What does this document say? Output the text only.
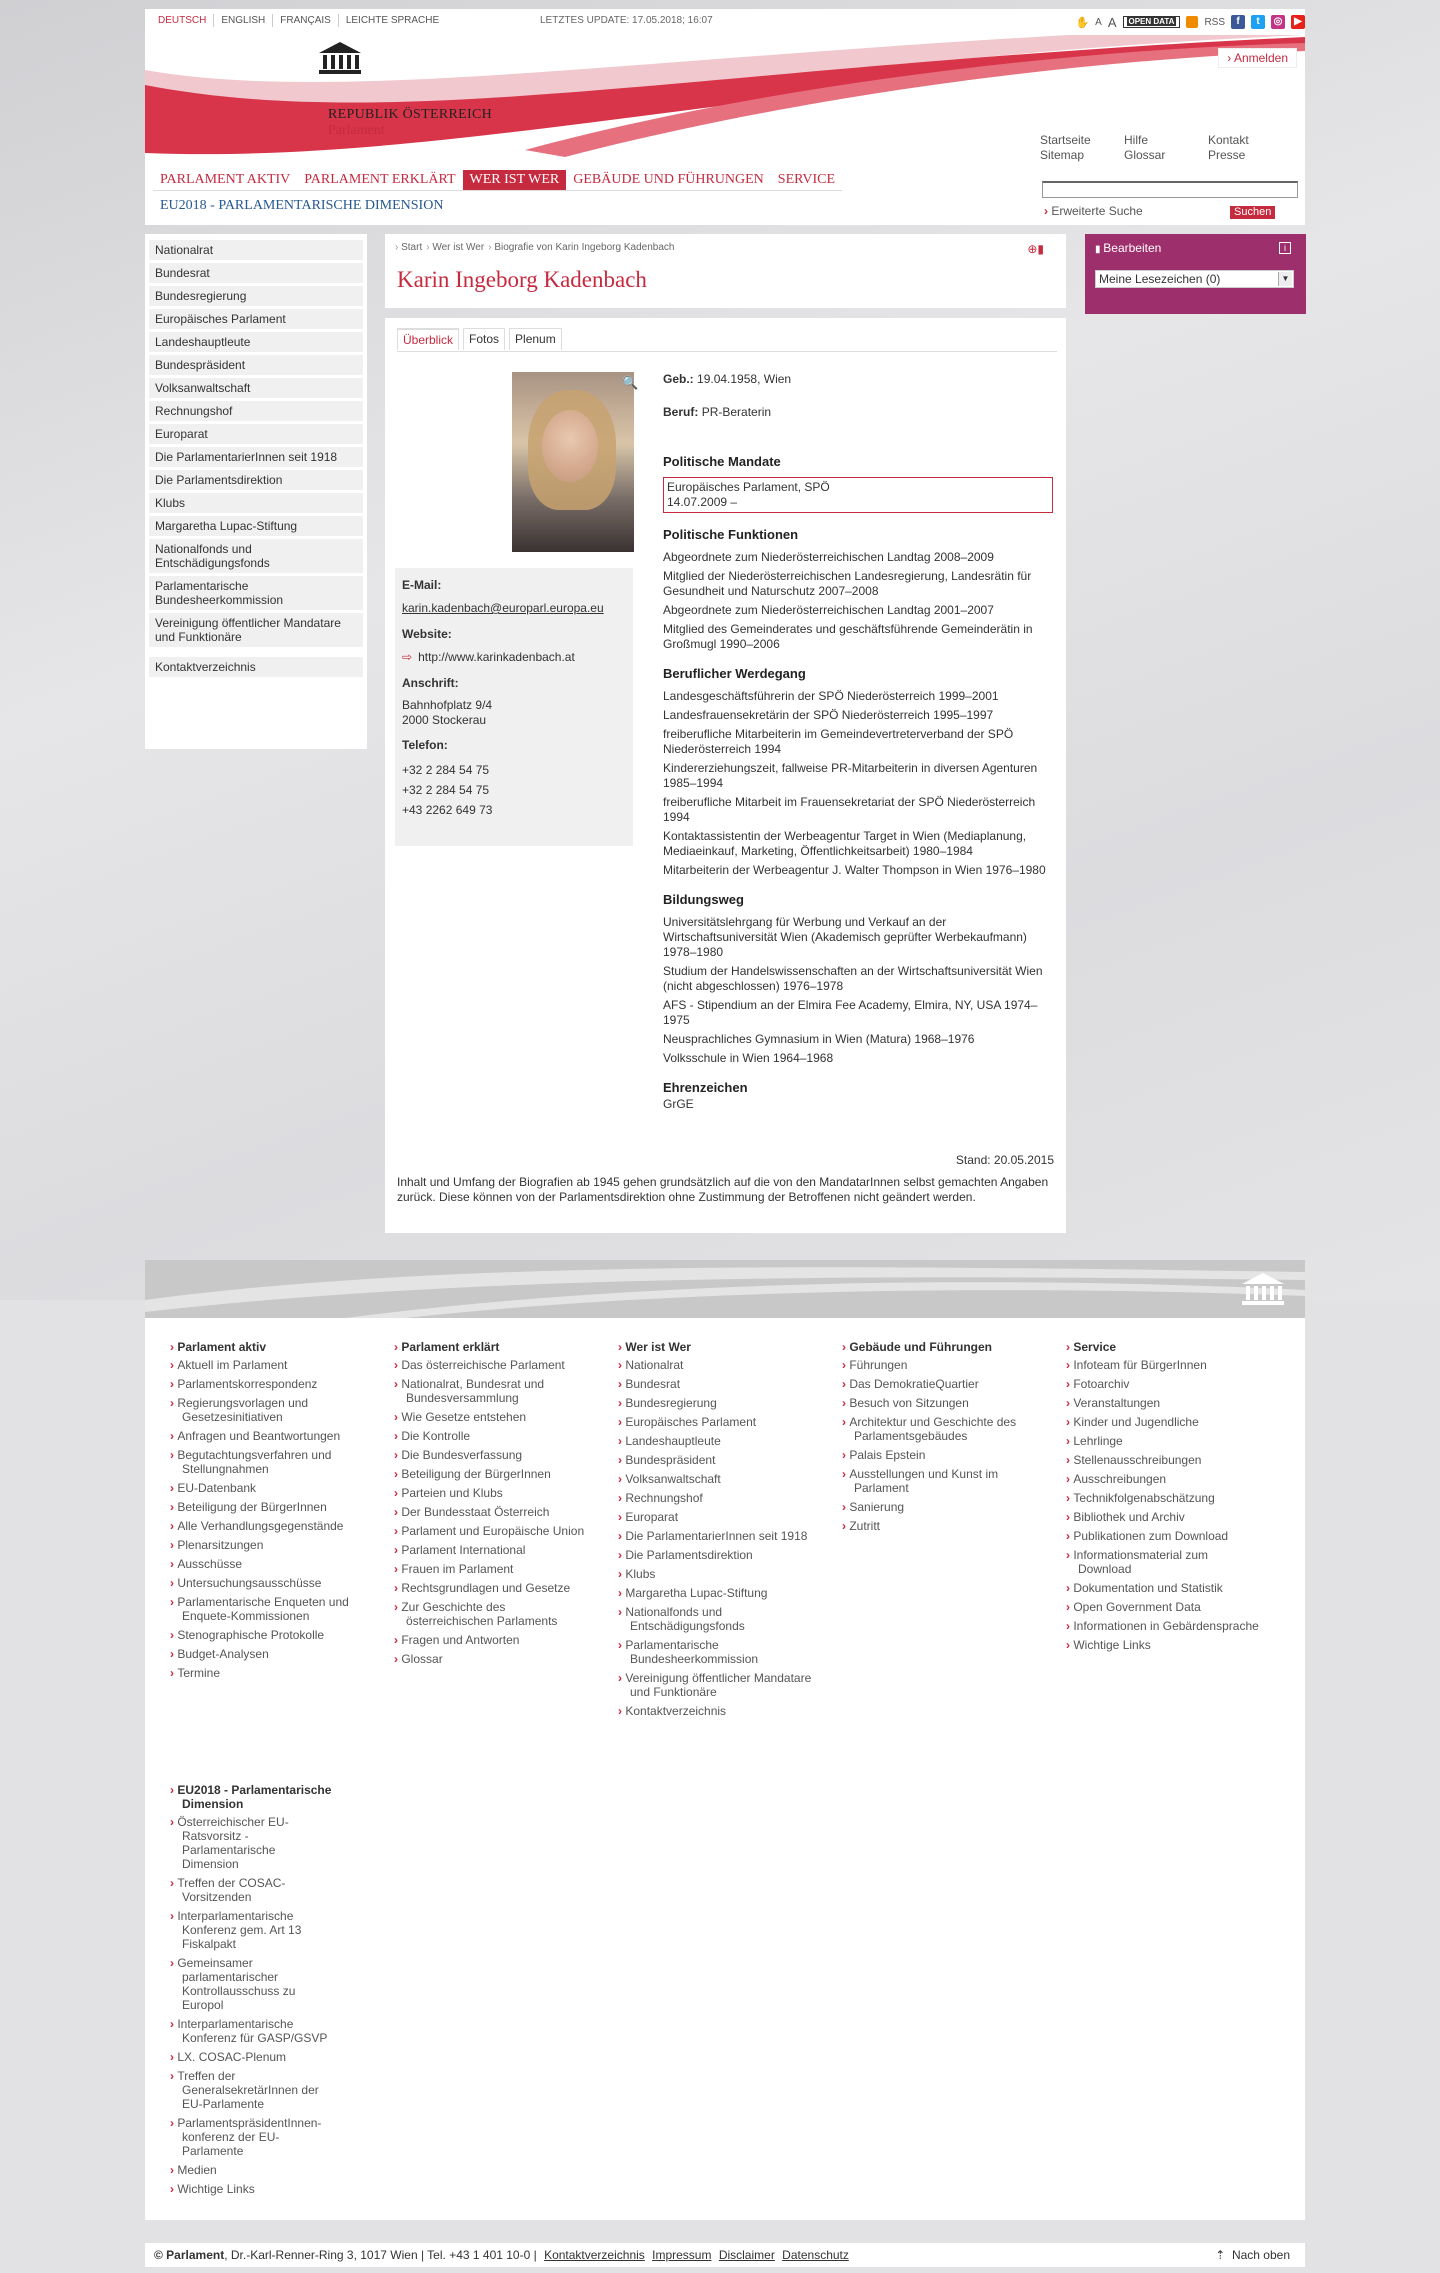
DEUTSCH	ENGLISH	FRANÇAIS	LEICHTE SPRACHE	LETZTES UPDATE: 17.05.2018; 16:07	✋ A A	OPEN DATA	RSS	f	t	◎	▶
REPUBLIK ÖSTERREICH
Parlament
› Anmelden
Startseite	Hilfe	Kontakt
Sitemap	Glossar	Presse
PARLAMENT AKTIV	PARLAMENT ERKLÄRT	WER IST WER	GEBÄUDE UND FÜHRUNGEN	SERVICE
EU2018 - PARLAMENTARISCHE DIMENSION	› Erweiterte Suche	Suchen
Nationalrat
Bundesrat
Bundesregierung
Europäisches Parlament
Landeshauptleute
Bundespräsident
Volksanwaltschaft
Rechnungshof
Europarat
Die ParlamentarierInnen seit 1918
Die Parlamentsdirektion
Klubs
Margaretha Lupac-Stiftung
Nationalfonds und Entschädigungsfonds
Parlamentarische Bundesheerkommission
Vereinigung öffentlicher Mandatare und Funktionäre
Kontaktverzeichnis
› Start	› Wer ist Wer	› Biografie von Karin Ingeborg Kadenbach	⊕▮
Karin Ingeborg Kadenbach
Überblick	Fotos	Plenum
🔍
E-Mail:
karin.kadenbach@europarl.europa.eu
Website:
⇨ http://www.karinkadenbach.at
Anschrift:
Bahnhofplatz 9/4
2000 Stockerau
Telefon:
+32 2 284 54 75
+32 2 284 54 75
+43 2262 649 73
Geb.: 19.04.1958, Wien
Beruf: PR-Beraterin
Politische Mandate
Europäisches Parlament, SPÖ
14.07.2009 –
Politische Funktionen
Abgeordnete zum Niederösterreichischen Landtag 2008–2009
Mitglied der Niederösterreichischen Landesregierung, Landesrätin für Gesundheit und Naturschutz 2007–2008
Abgeordnete zum Niederösterreichischen Landtag 2001–2007
Mitglied des Gemeinderates und geschäftsführende Gemeinderätin in Großmugl 1990–2006
Beruflicher Werdegang
Landesgeschäftsführerin der SPÖ Niederösterreich 1999–2001
Landesfrauensekretärin der SPÖ Niederösterreich 1995–1997
freiberufliche Mitarbeiterin im Gemeindevertreterverband der SPÖ Niederösterreich 1994
Kindererziehungszeit, fallweise PR-Mitarbeiterin in diversen Agenturen 1985–1994
freiberufliche Mitarbeit im Frauensekretariat der SPÖ Niederösterreich 1994
Kontaktassistentin der Werbeagentur Target in Wien (Mediaplanung, Mediaeinkauf, Marketing, Öffentlichkeitsarbeit) 1980–1984
Mitarbeiterin der Werbeagentur J. Walter Thompson in Wien 1976–1980
Bildungsweg
Universitätslehrgang für Werbung und Verkauf an der Wirtschaftsuniversität Wien (Akademisch geprüfter Werbekaufmann) 1978–1980
Studium der Handelswissenschaften an der Wirtschaftsuniversität Wien (nicht abgeschlossen) 1976–1978
AFS - Stipendium an der Elmira Fee Academy, Elmira, NY, USA 1974–1975
Neusprachliches Gymnasium in Wien (Matura) 1968–1976
Volksschule in Wien 1964–1968
Ehrenzeichen
GrGE
Stand: 20.05.2015
Inhalt und Umfang der Biografien ab 1945 gehen grundsätzlich auf die von den MandatarInnen selbst gemachten Angaben zurück. Diese können von der Parlamentsdirektion ohne Zustimmung der Betroffenen nicht geändert werden.
▮ Bearbeiten	i
Meine Lesezeichen (0)	▼
› Parlament aktiv
› Aktuell im Parlament
› Parlamentskorrespondenz
› Regierungsvorlagen und Gesetzesinitiativen
› Anfragen und Beantwortungen
› Begutachtungsverfahren und Stellungnahmen
› EU-Datenbank
› Beteiligung der BürgerInnen
› Alle Verhandlungsgegenstände
› Plenarsitzungen
› Ausschüsse
› Untersuchungsausschüsse
› Parlamentarische Enqueten und Enquete-Kommissionen
› Stenographische Protokolle
› Budget-Analysen
› Termine
› Parlament erklärt
› Das österreichische Parlament
› Nationalrat, Bundesrat und Bundesversammlung
› Wie Gesetze entstehen
› Die Kontrolle
› Die Bundesverfassung
› Beteiligung der BürgerInnen
› Parteien und Klubs
› Der Bundesstaat Österreich
› Parlament und Europäische Union
› Parlament International
› Frauen im Parlament
› Rechtsgrundlagen und Gesetze
› Zur Geschichte des österreichischen Parlaments
› Fragen und Antworten
› Glossar
› Wer ist Wer
› Nationalrat
› Bundesrat
› Bundesregierung
› Europäisches Parlament
› Landeshauptleute
› Bundespräsident
› Volksanwaltschaft
› Rechnungshof
› Europarat
› Die ParlamentarierInnen seit 1918
› Die Parlamentsdirektion
› Klubs
› Margaretha Lupac-Stiftung
› Nationalfonds und Entschädigungsfonds
› Parlamentarische Bundesheerkommission
› Vereinigung öffentlicher Mandatare und Funktionäre
› Kontaktverzeichnis
› Gebäude und Führungen
› Führungen
› Das DemokratieQuartier
› Besuch von Sitzungen
› Architektur und Geschichte des Parlamentsgebäudes
› Palais Epstein
› Ausstellungen und Kunst im Parlament
› Sanierung
› Zutritt
› Service
› Infoteam für BürgerInnen
› Fotoarchiv
› Veranstaltungen
› Kinder und Jugendliche
› Lehrlinge
› Stellenausschreibungen
› Ausschreibungen
› Technikfolgenabschätzung
› Bibliothek und Archiv
› Publikationen zum Download
› Informationsmaterial zum Download
› Dokumentation und Statistik
› Open Government Data
› Informationen in Gebärdensprache
› Wichtige Links
› EU2018 - Parlamentarische Dimension
› Österreichischer EU-Ratsvorsitz - Parlamentarische Dimension
› Treffen der COSAC-Vorsitzenden
› Interparlamentarische Konferenz gem. Art 13 Fiskalpakt
› Gemeinsamer parlamentarischer Kontrollausschuss zu Europol
› Interparlamentarische Konferenz für GASP/GSVP
› LX. COSAC-Plenum
› Treffen der GeneralsekretärInnen der EU-Parlamente
› ParlamentspräsidentInnen-konferenz der EU-Parlamente
› Medien
› Wichtige Links
© Parlament, Dr.-Karl-Renner-Ring 3, 1017 Wien | Tel. +43 1 401 10-0 | Kontaktverzeichnis Impressum Disclaimer Datenschutz	⇡ Nach oben
